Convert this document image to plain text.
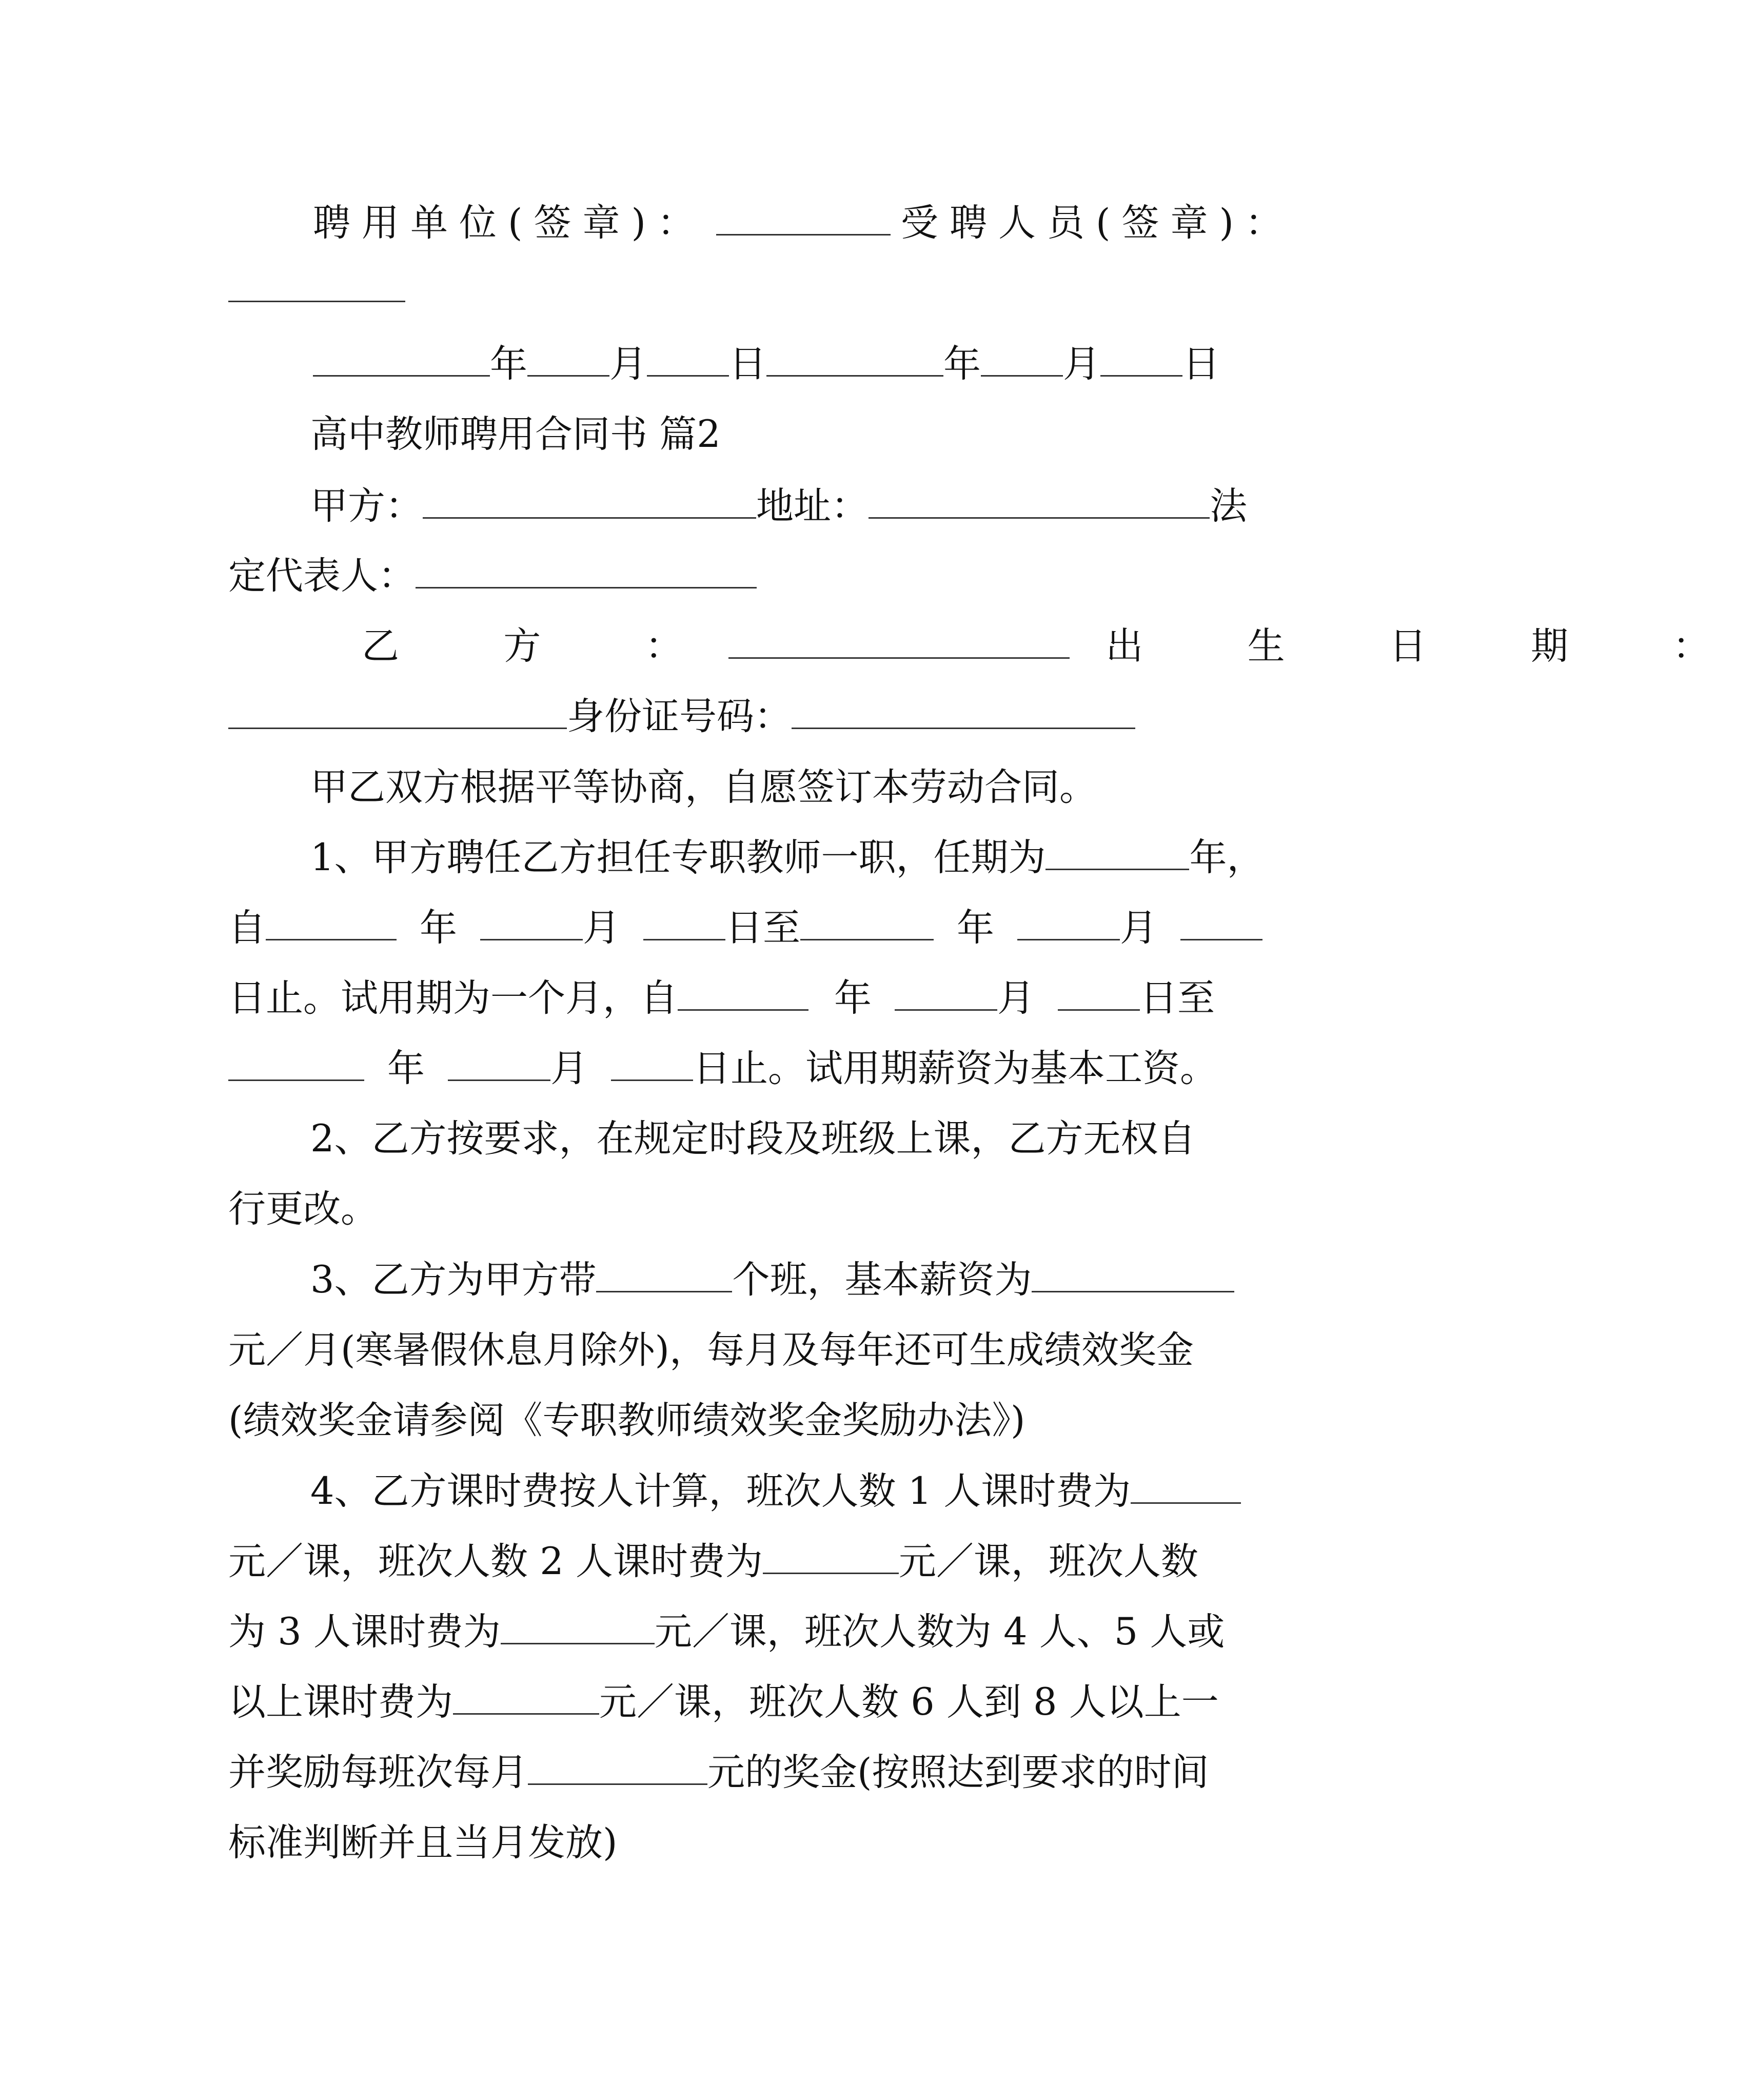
聘用单位(签章)：	受聘人员(签章)：
年 月 日	年 月 日
高中教师聘用合同书 篇2
甲方：	地址：	法
定代表人：
乙 方 ：	出 生 日 期 ：
身份证号码：
甲乙双方根据平等协商，自愿签订本劳动合同。
1、甲方聘任乙方担任专职教师一职，任期为	年，
自	年	月	日至	年	月
日止。试用期为一个月，自	年	月	日至
年	月	日止。试用期薪资为基本工资。
2、乙方按要求，在规定时段及班级上课，乙方无权自
行更改。
3、乙方为甲方带	个班，基本薪资为
元／月(寒暑假休息月除外)，每月及每年还可生成绩效奖金
(绩效奖金请参阅《专职教师绩效奖金奖励办法》)
4、乙方课时费按人计算，班次人数 1 人课时费为
元／课，班次人数 2 人课时费为	元／课，班次人数
为 3 人课时费为	元／课，班次人数为 4 人、5 人或
以上课时费为	元／课，班次人数 6 人到 8 人以上一
并奖励每班次每月	元的奖金(按照达到要求的时间
标准判断并且当月发放)
